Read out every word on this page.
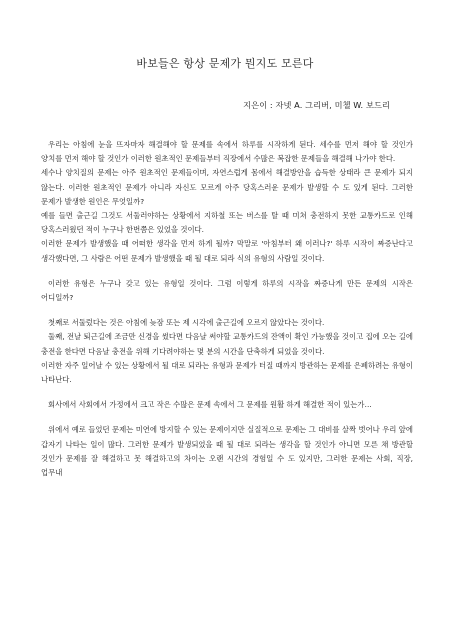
바보들은 항상 문제가 뭔지도 모른다
지은이 : 자넷 A. 그리버, 미첼 W. 보드리

우리는 아침에 눈을 뜨자마자 해결해야 할 문제를 속에서 하루를 시작하게 된다. 세수를 먼저 해야 할 것인가 양치를 먼저 해야 할 것인가 이러한 원초적인 문제들부터 직장에서 수많은 복잡한 문제들을 해결해 나가야 한다.

세수나 양치질의 문제는 아주 원초적인 문제들이며, 자연스럽게 몸에서 해결방안을 습득한 상태라 큰 문제가 되지 않는다. 이러한 원초적인 문제가 아니라 자신도 모르게 아주 당혹스러운 문제가 발생할 수 도 있게 된다. 그러한 문제가 발생한 원인은 무엇일까?

예를 들면 출근길 그것도 서둘러야하는 상황에서 지하철 또는 버스를 탈 때 미쳐 충전하지 못한 교통카드로 인해 당혹스러웠던 적이 누구나 한번쯤은 있었을 것이다.

이러한 문제가 발생했을 때 어떠한 생각을 먼저 하게 될까? 막말로 '아침부터 왜 이러나?' 하루 시작이 짜증난다고 생각했다면, 그 사람은 어떤 문제가 발생했을 때 될 대로 되라 식의 유형의 사람일 것이다.

이러한 유형은 누구나 갖고 있는 유형일 것이다. 그럼 이렇게 하루의 시작을 짜증나게 만든 문제의 시작은 어디일까?

첫째로 서둘렀다는 것은 아침에 늦잠 또는 제 시각에 출근길에 오르지 않았다는 것이다.

둘째, 전날 퇴근길에 조금만 신경을 썼다면 다음날 써야할 교통카드의 잔액이 확인 가능했을 것이고 집에 오는 길에 충전을 한다면 다음날 충전을 위해 기다려야하는 몇 분의 시간을 단축하게 되었을 것이다.

이러한 자주 일어날 수 있는 상황에서 될 대로 되라는 유형과 문제가 터질 때까지 방관하는 문제를 은폐하려는 유형이 나타난다.

회사에서 사회에서 가정에서 크고 작은 수많은 문제 속에서 그 문제를 원활 하게 해결한 적이 있는가…

위에서 예로 들었던 문제는 미연에 방지할 수 있는 문제이지만 실질적으로 문제는 그 대비를 살짝 벗어나 우리 앞에 갑자기 나타는 일이 많다. 그러한 문제가 발생되었을 때 될 대로 되라는 생각을 할 것인가 아니면 모른 채 방관할 것인가 문제를 잘 해결하고 못 해결하고의 차이는 오랜 시간의 경험일 수 도 있지만, 그러한 문제는 사회, 직장, 업무내
